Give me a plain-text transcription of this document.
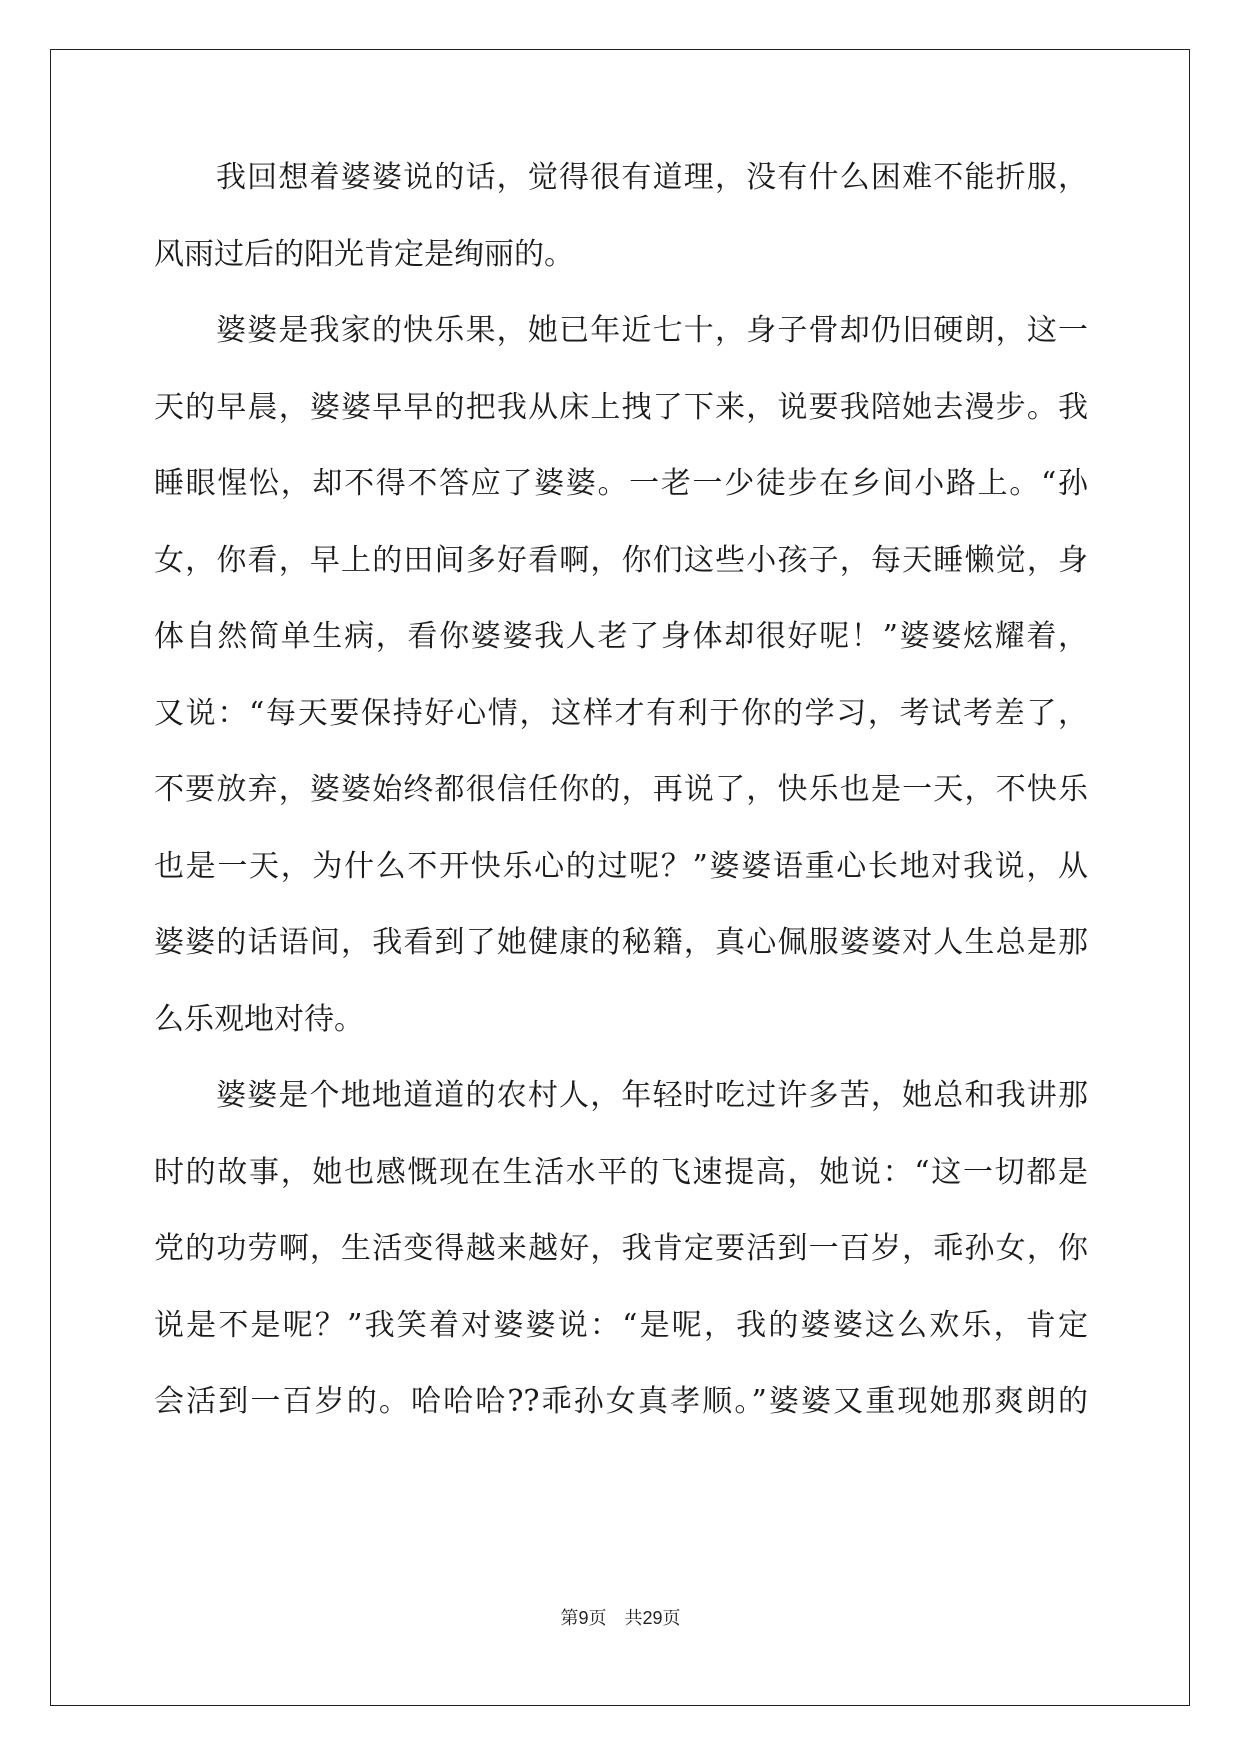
我回想着婆婆说的话，觉得很有道理，没有什么困难不能折服，
风雨过后的阳光肯定是绚丽的。
婆婆是我家的快乐果，她已年近七十，身子骨却仍旧硬朗，这一
天的早晨，婆婆早早的把我从床上拽了下来，说要我陪她去漫步。我
睡眼惺忪，却不得不答应了婆婆。一老一少徒步在乡间小路上。“孙
女，你看，早上的田间多好看啊，你们这些小孩子，每天睡懒觉，身
体自然简单生病，看你婆婆我人老了身体却很好呢！”婆婆炫耀着，
又说：“每天要保持好心情，这样才有利于你的学习，考试考差了，
不要放弃，婆婆始终都很信任你的，再说了，快乐也是一天，不快乐
也是一天，为什么不开快乐心的过呢？”婆婆语重心长地对我说，从
婆婆的话语间，我看到了她健康的秘籍，真心佩服婆婆对人生总是那
么乐观地对待。
婆婆是个地地道道的农村人，年轻时吃过许多苦，她总和我讲那
时的故事，她也感慨现在生活水平的飞速提高，她说：“这一切都是
党的功劳啊，生活变得越来越好，我肯定要活到一百岁，乖孙女，你
说是不是呢？”我笑着对婆婆说：“是呢，我的婆婆这么欢乐，肯定
会活到一百岁的。哈哈哈??乖孙女真孝顺。”婆婆又重现她那爽朗的
第9页 共29页
